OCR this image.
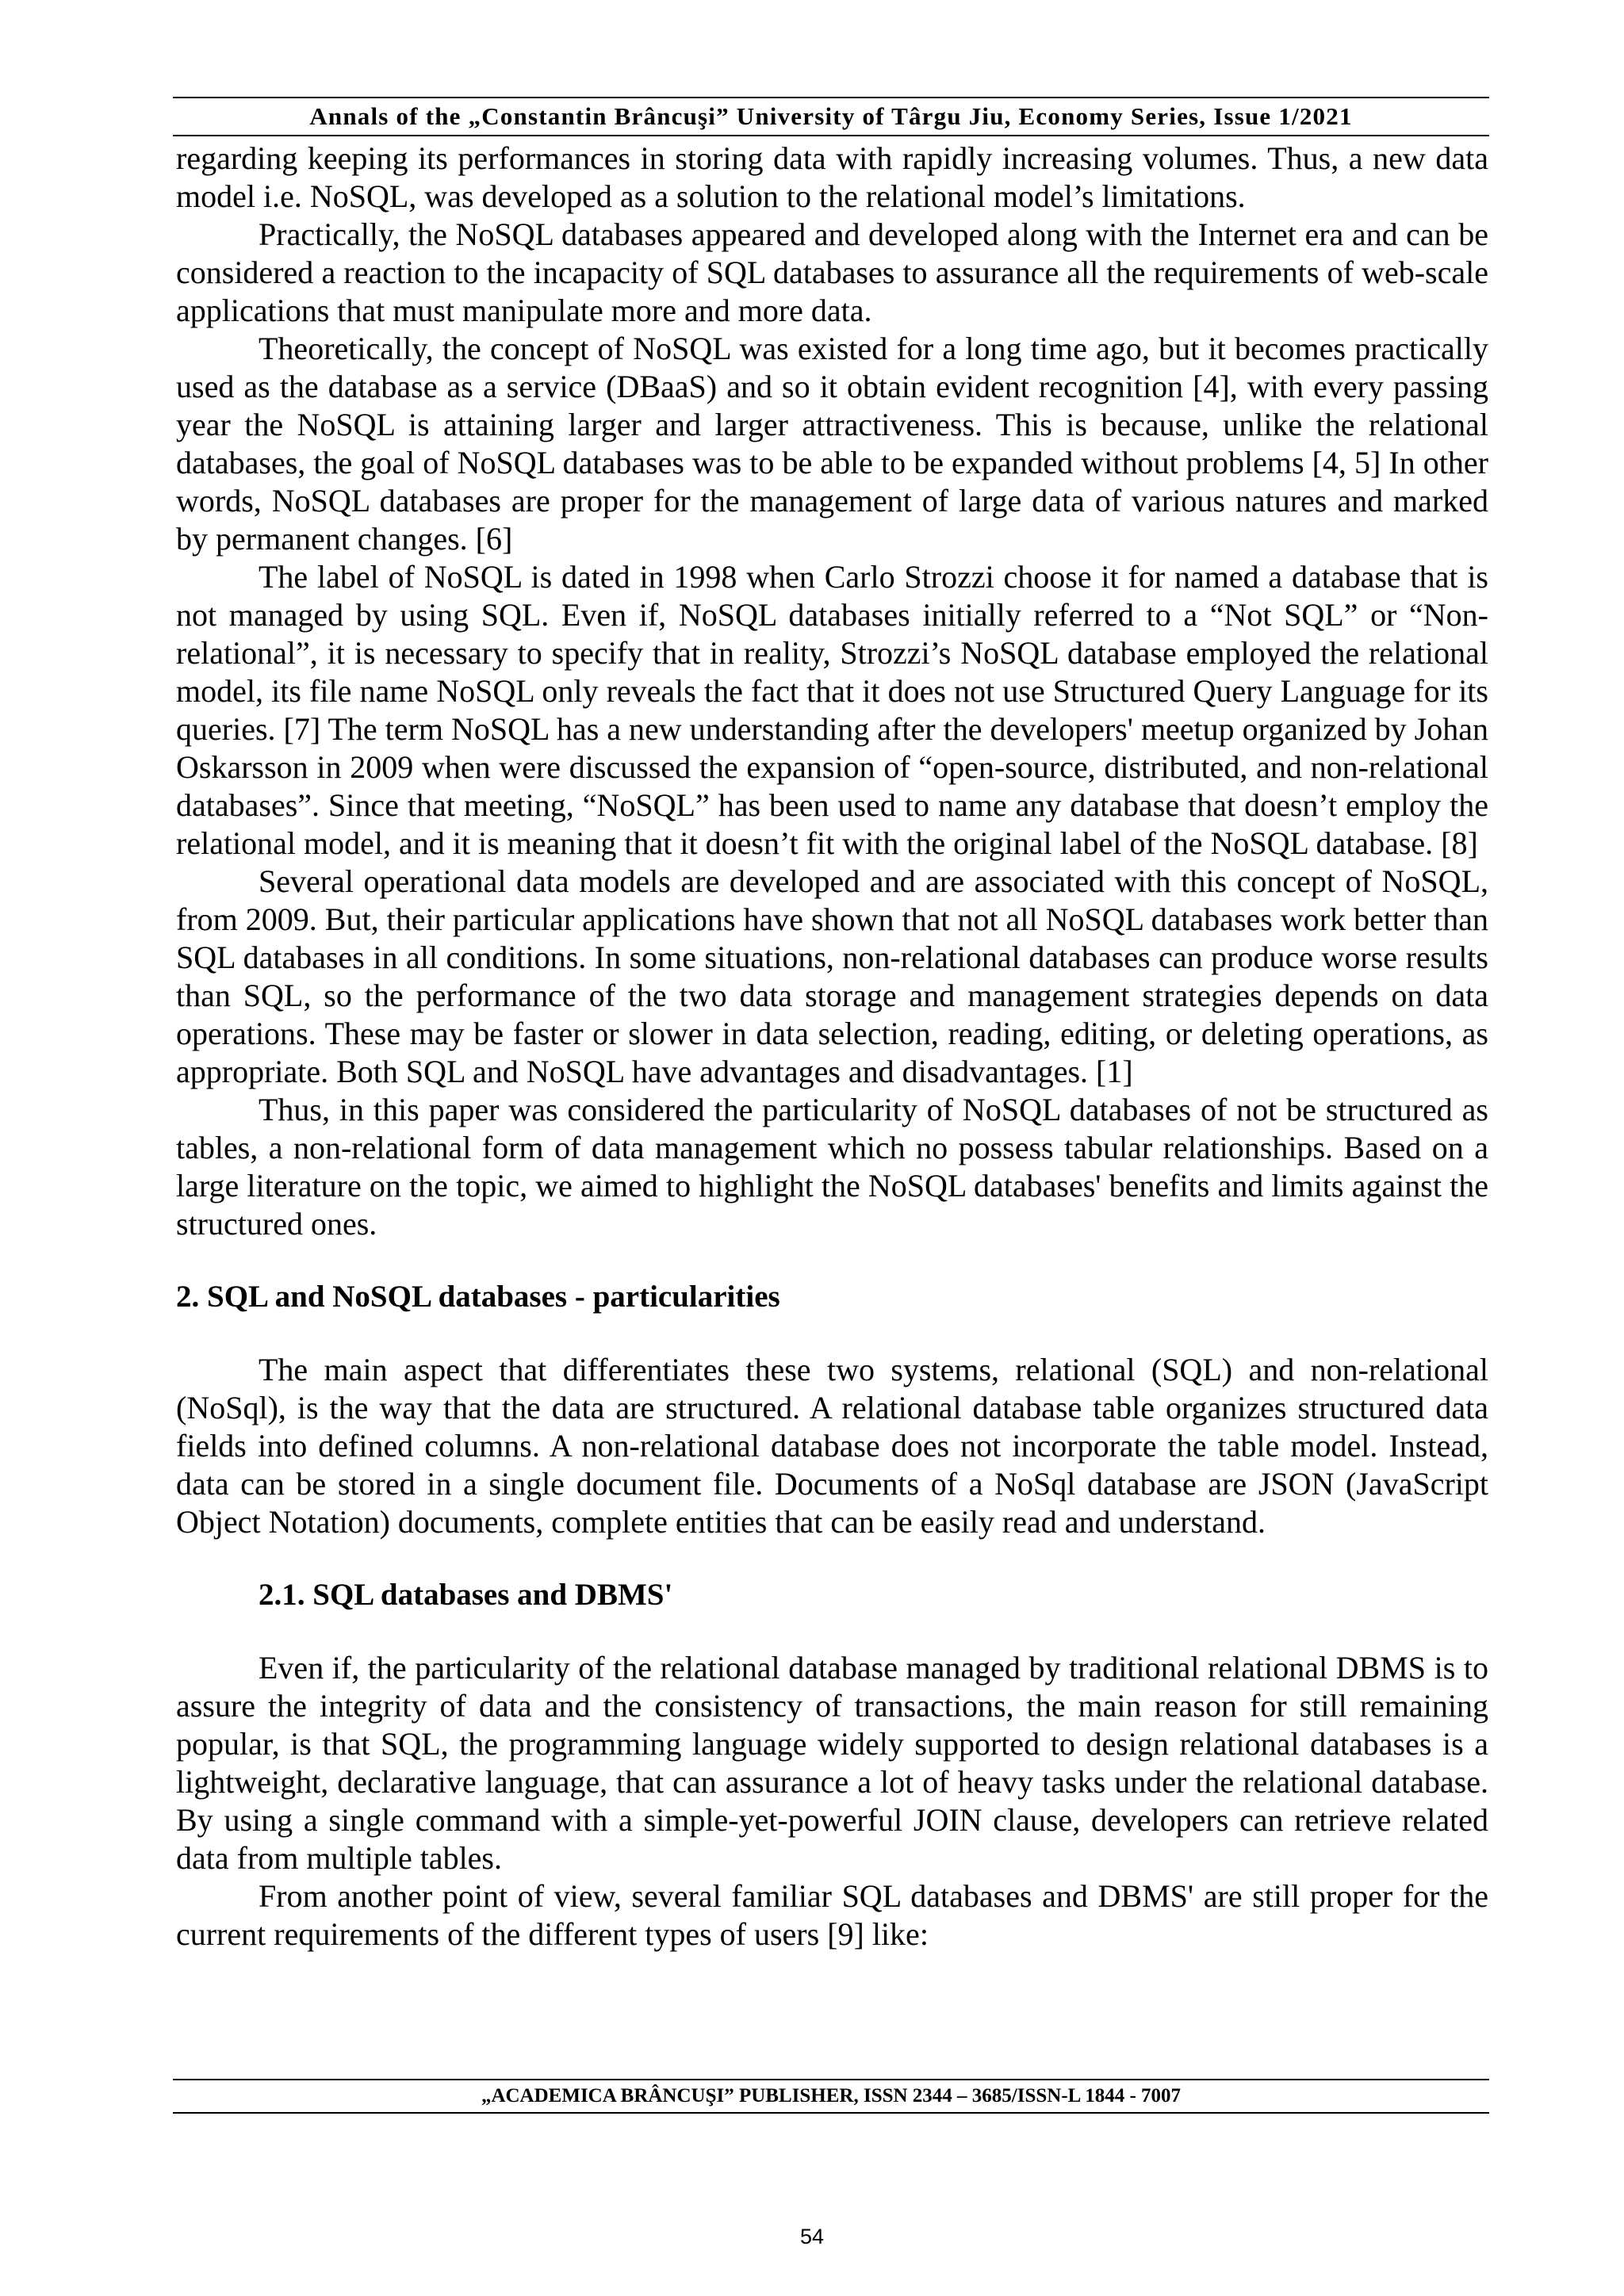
Annals of the „Constantin Brâncuşi” University of Târgu Jiu, Economy Series, Issue 1/2021

regarding keeping its performances in storing data with rapidly increasing volumes. Thus, a new data model i.e. NoSQL, was developed as a solution to the relational model’s limitations.

Practically, the NoSQL databases appeared and developed along with the Internet era and can be considered a reaction to the incapacity of SQL databases to assurance all the requirements of web-scale applications that must manipulate more and more data.

Theoretically, the concept of NoSQL was existed for a long time ago, but it becomes practically used as the database as a service (DBaaS) and so it obtain evident recognition [4], with every passing year the NoSQL is attaining larger and larger attractiveness. This is because, unlike the relational databases, the goal of NoSQL databases was to be able to be expanded without problems [4, 5] In other words, NoSQL databases are proper for the management of large data of various natures and marked by permanent changes. [6]

The label of NoSQL is dated in 1998 when Carlo Strozzi choose it for named a database that is not managed by using SQL. Even if, NoSQL databases initially referred to a “Not SQL” or “Non-relational”, it is necessary to specify that in reality, Strozzi’s NoSQL database employed the relational model, its file name NoSQL only reveals the fact that it does not use Structured Query Language for its queries. [7] The term NoSQL has a new understanding after the developers' meetup organized by Johan Oskarsson in 2009 when were discussed the expansion of “open-source, distributed, and non-relational databases”. Since that meeting, “NoSQL” has been used to name any database that doesn’t employ the relational model, and it is meaning that it doesn’t fit with the original label of the NoSQL database. [8]

Several operational data models are developed and are associated with this concept of NoSQL, from 2009. But, their particular applications have shown that not all NoSQL databases work better than SQL databases in all conditions. In some situations, non-relational databases can produce worse results than SQL, so the performance of the two data storage and management strategies depends on data operations. These may be faster or slower in data selection, reading, editing, or deleting operations, as appropriate. Both SQL and NoSQL have advantages and disadvantages. [1]

Thus, in this paper was considered the particularity of NoSQL databases of not be structured as tables, a non-relational form of data management which no possess tabular relationships. Based on a large literature on the topic, we aimed to highlight the NoSQL databases' benefits and limits against the structured ones.

2. SQL and NoSQL databases - particularities

The main aspect that differentiates these two systems, relational (SQL) and non-relational (NoSql), is the way that the data are structured. A relational database table organizes structured data fields into defined columns. A non-relational database does not incorporate the table model. Instead, data can be stored in a single document file. Documents of a NoSql database are JSON (JavaScript Object Notation) documents, complete entities that can be easily read and understand.

2.1. SQL databases and DBMS'

Even if, the particularity of the relational database managed by traditional relational DBMS is to assure the integrity of data and the consistency of transactions, the main reason for still remaining popular, is that SQL, the programming language widely supported to design relational databases is a lightweight, declarative language, that can assurance a lot of heavy tasks under the relational database. By using a single command with a simple-yet-powerful JOIN clause, developers can retrieve related data from multiple tables.

From another point of view, several familiar SQL databases and DBMS' are still proper for the current requirements of the different types of users [9] like:

„ACADEMICA BRÂNCUŞI” PUBLISHER, ISSN 2344 – 3685/ISSN-L 1844 - 7007
54
